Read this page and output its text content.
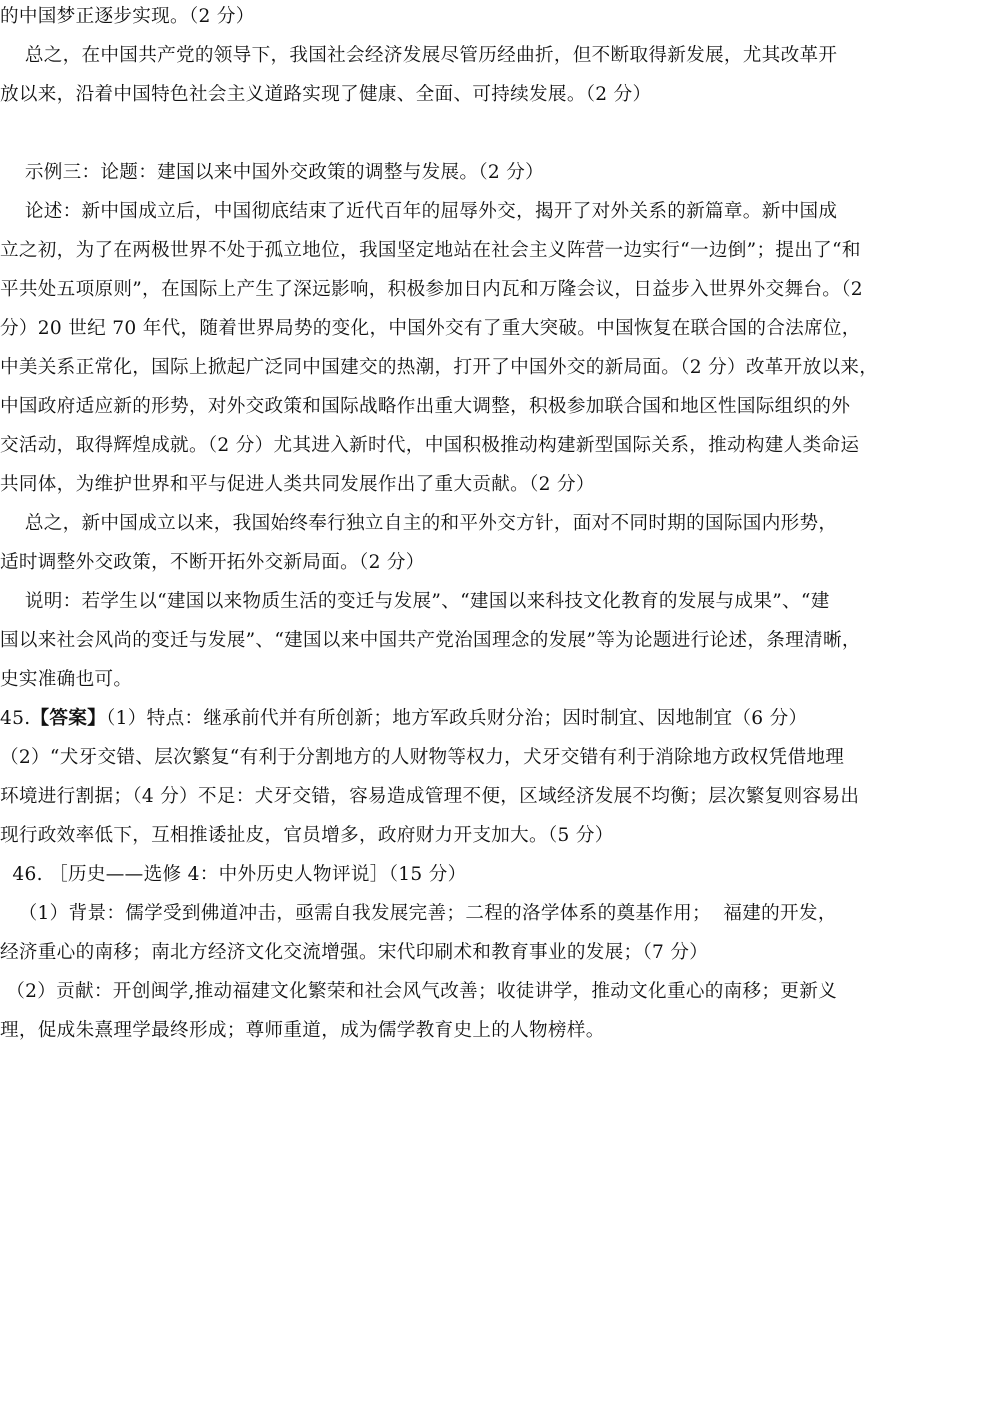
的中国梦正逐步实现。（2 分）
总之，在中国共产党的领导下，我国社会经济发展尽管历经曲折，但不断取得新发展，尤其改革开
放以来，沿着中国特色社会主义道路实现了健康、全面、可持续发展。（2 分）
示例三：论题：建国以来中国外交政策的调整与发展。（2 分）
论述：新中国成立后，中国彻底结束了近代百年的屈辱外交，揭开了对外关系的新篇章。新中国成
立之初，为了在两极世界不处于孤立地位，我国坚定地站在社会主义阵营一边实行“一边倒”；提出了“和
平共处五项原则”，在国际上产生了深远影响，积极参加日内瓦和万隆会议，日益步入世界外交舞台。（2
分）20 世纪 70 年代，随着世界局势的变化，中国外交有了重大突破。中国恢复在联合国的合法席位，
中美关系正常化，国际上掀起广泛同中国建交的热潮，打开了中国外交的新局面。（2 分）改革开放以来，
中国政府适应新的形势，对外交政策和国际战略作出重大调整，积极参加联合国和地区性国际组织的外
交活动，取得辉煌成就。（2 分）尤其进入新时代，中国积极推动构建新型国际关系，推动构建人类命运
共同体，为维护世界和平与促进人类共同发展作出了重大贡献。（2 分）
总之，新中国成立以来，我国始终奉行独立自主的和平外交方针，面对不同时期的国际国内形势，
适时调整外交政策，不断开拓外交新局面。（2 分）
说明：若学生以“建国以来物质生活的变迁与发展”、“建国以来科技文化教育的发展与成果”、“建
国以来社会风尚的变迁与发展”、“建国以来中国共产党治国理念的发展”等为论题进行论述，条理清晰，
史实准确也可。
45.【答案】（1）特点：继承前代并有所创新；地方军政兵财分治；因时制宜、因地制宜（6 分）
（2）“犬牙交错、层次繁复“有利于分割地方的人财物等权力，犬牙交错有利于消除地方政权凭借地理
环境进行割据；（4 分）不足：犬牙交错，容易造成管理不便，区域经济发展不均衡；层次繁复则容易出
现行政效率低下，互相推诿扯皮，官员增多，政府财力开支加大。（5 分）
46. ［历史——选修 4：中外历史人物评说］（15 分）
（1）背景：儒学受到佛道冲击，亟需自我发展完善；二程的洛学体系的奠基作用；  福建的开发，
经济重心的南移；南北方经济文化交流增强。宋代印刷术和教育事业的发展；（7 分）
（2）贡献：开创闽学,推动福建文化繁荣和社会风气改善；收徒讲学，推动文化重心的南移；更新义
理，促成朱熹理学最终形成；尊师重道，成为儒学教育史上的人物榜样。
